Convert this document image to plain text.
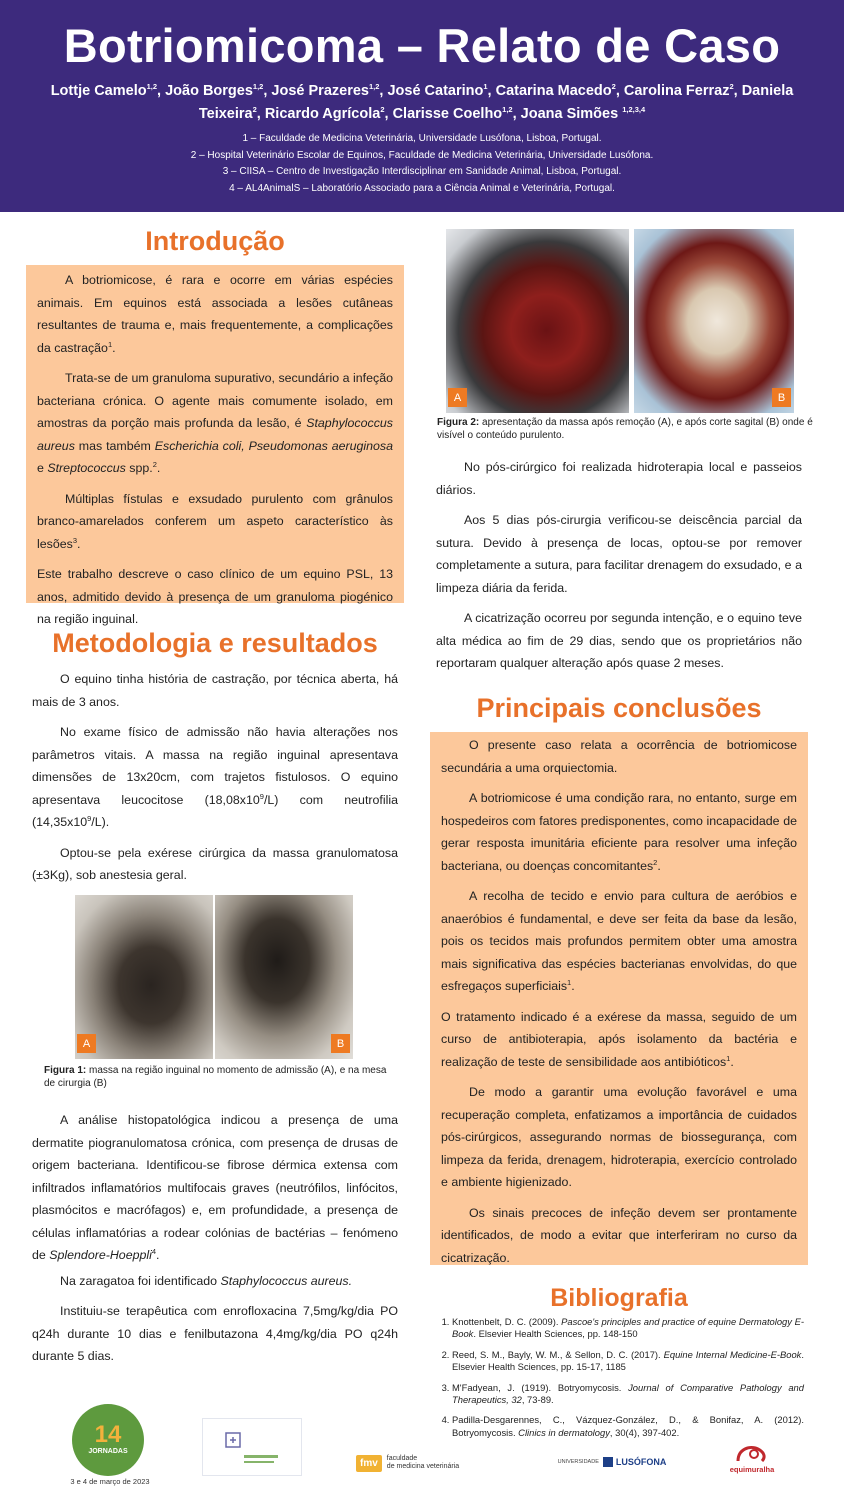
Botriomicoma – Relato de Caso
Lottje Camelo$^{1,2}$, João Borges$^{1,2}$, José Prazeres$^{1,2}$, José Catarino$^1$, Catarina Macedo$^2$, Carolina Ferraz$^2$, Daniela
Teixeira$^2$, Ricardo Agrícola$^2$, Clarisse Coelho$^{1,2}$, Joana Simões $^{1,2,3,4}$
1 – Faculdade de Medicina Veterinária, Universidade Lusófona, Lisboa, Portugal.
2 – Hospital Veterinário Escolar de Equinos, Faculdade de Medicina Veterinária, Universidade Lusófona.
3 – CIISA – Centro de Investigação Interdisciplinar em Sanidade Animal, Lisboa, Portugal.
4 – AL4AnimalS – Laboratório Associado para a Ciência Animal e Veterinária, Portugal.
Introdução

A botriomicose, é rara e ocorre em várias espécies animais. Em equinos está associada a lesões cutâneas resultantes de trauma e, mais frequentemente, a complicações da castração$^1$.

Trata-se de um granuloma supurativo, secundário a infeção bacteriana crónica. O agente mais comumente isolado, em amostras da porção mais profunda da lesão, é Staphylococcus aureus mas também Escherichia coli, Pseudomonas aeruginosa e Streptococcus spp.$^2$.

Múltiplas fístulas e exsudado purulento com grânulos branco-amarelados conferem um aspeto característico às lesões$^3$.

Este trabalho descreve o caso clínico de um equino PSL, 13 anos, admitido devido à presença de um granuloma piogénico na região inguinal.

Metodologia e resultados

O equino tinha história de castração, por técnica aberta, há mais de 3 anos.

No exame físico de admissão não havia alterações nos parâmetros vitais. A massa na região inguinal apresentava dimensões de 13x20cm, com trajetos fistulosos. O equino apresentava leucocitose $(18,08x10^9/L)$ com neutrofilia $(14,35x10^9/L)$.

Optou-se pela exérese cirúrgica da massa granulomatosa (±3Kg), sob anestesia geral.

A	B
Figura 1: massa na região inguinal no momento de admissão (A), e na mesa de cirurgia (B)

A análise histopatológica indicou a presença de uma dermatite piogranulomatosa crónica, com presença de drusas de origem bacteriana. Identificou-se fibrose dérmica extensa com infiltrados inflamatórios multifocais graves (neutrófilos, linfócitos, plasmócitos e macrófagos) e, em profundidade, a presença de células inflamatórias a rodear colónias de bactérias – fenómeno de Splendore-Hoeppli$^4$.

Na zaragatoa foi identificado Staphylococcus aureus.

Instituiu-se terapêutica com enrofloxacina 7,5mg/kg/dia PO q24h durante 10 dias e fenilbutazona 4,4mg/kg/dia PO q24h durante 5 dias.

A	B
Figura 2: apresentação da massa após remoção (A), e após corte sagital (B) onde é visível o conteúdo purulento.

No pós-cirúrgico foi realizada hidroterapia local e passeios diários.

Aos 5 dias pós-cirurgia verificou-se deiscência parcial da sutura. Devido à presença de locas, optou-se por remover completamente a sutura, para facilitar drenagem do exsudado, e a limpeza diária da ferida.

A cicatrização ocorreu por segunda intenção, e o equino teve alta médica ao fim de 29 dias, sendo que os proprietários não reportaram qualquer alteração após quase 2 meses.

Principais conclusões

O presente caso relata a ocorrência de botriomicose secundária a uma orquiectomia.

A botriomicose é uma condição rara, no entanto, surge em hospedeiros com fatores predisponentes, como incapacidade de gerar resposta imunitária eficiente para resolver uma infeção bacteriana, ou doenças concomitantes$^2$.

A recolha de tecido e envio para cultura de aeróbios e anaeróbios é fundamental, e deve ser feita da base da lesão, pois os tecidos mais profundos permitem obter uma amostra mais significativa das espécies bacterianas envolvidas, do que esfregaços superficiais$^1$.

O tratamento indicado é a exérese da massa, seguido de um curso de antibioterapia, após isolamento da bactéria e realização de teste de sensibilidade aos antibióticos$^1$.

De modo a garantir uma evolução favorável e uma recuperação completa, enfatizamos a importância de cuidados pós-cirúrgicos, assegurando normas de biossegurança, com limpeza da ferida, drenagem, hidroterapia, exercício controlado e ambiente higienizado.

Os sinais precoces de infeção devem ser prontamente identificados, de modo a evitar que interferiram no curso da cicatrização.

Bibliografia
1. Knottenbelt, D. C. (2009). Pascoe's principles and practice of equine Dermatology E-Book. Elsevier Health Sciences, pp. 148-150
2. Reed, S. M., Bayly, W. M., & Sellon, D. C. (2017). Equine Internal Medicine-E-Book. Elsevier Health Sciences, pp. 15-17, 1185
3. M'Fadyean, J. (1919). Botryomycosis. Journal of Comparative Pathology and Therapeutics, 32, 73-89.
4. Padilla-Desgarennes, C., Vázquez-González, D., & Bonifaz, A. (2012). Botryomycosis. Clinics in dermatology, 30(4), 397-402.
14
JORNADAS
3 e 4 de março de 2023
fmv	faculdade
de medicina veterinária
UNIVERSIDADE LUSÓFONA
equimuralha
